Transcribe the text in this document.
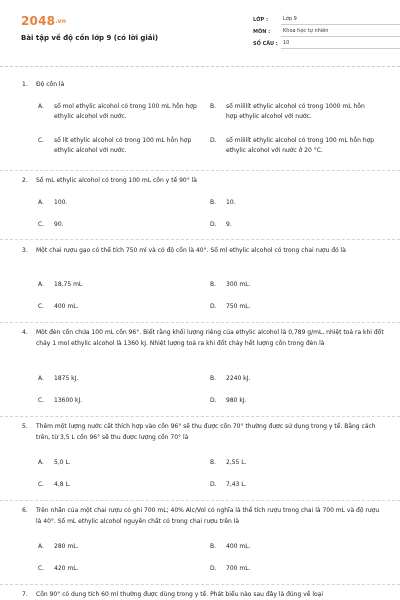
2048.vn
Bài tập về độ cồn lớp 9 (có lời giải)
LỚP :	Lớp 9
MÔN :	Khoa học tự nhiên
SỐ CÂU :	10
1.	Độ cồn là
A. số mol ethylic alcohol có trong 100 mL hỗn hợp ethylic alcohol với nước.
B. số mililít ethylic alcohol có trong 1000 mL hỗn hợp ethylic alcohol với nước.
C. số lít ethylic alcohol có trong 100 mL hỗn hợp ethylic alcohol với nước.
D. số mililít ethylic alcohol có trong 100 mL hỗn hợp ethylic alcohol với nước ở 20 °C.
2.	Số mL ethylic alcohol có trong 100 mL cồn y tế 90° là
A. 100.	B. 10.
C. 90.	D. 9.
3.	Một chai rượu gạo có thể tích 750 ml và có độ cồn là 40°. Số ml ethylic alcohol có trong chai rượu đó là
A. 18,75 mL	B. 300 mL.
C. 400 mL.	D. 750 mL.
4.	Một đèn cồn chứa 100 mL cồn 96°. Biết rằng khối lượng riêng của ethylic alcohol là 0,789 g/mL, nhiệt toả ra khi đốt cháy 1 mol ethylic alcohol là 1360 kJ. Nhiệt lượng toả ra khi đốt cháy hết lượng cồn trong đèn là
A. 1875 kJ.	B. 2240 kJ.
C. 13600 kJ.	D. 980 kJ.
5.	Thêm một lượng nước cất thích hợp vào cồn 96° sẽ thu được cồn 70° thường được sử dụng trong y tế. Bằng cách trên, từ 3,5 L cồn 96° sẽ thu được lượng cồn 70° là
A. 5,0 L.	B. 2,55 L.
C. 4,8 L.	D. 7,43 L.
6.	Trên nhãn của một chai rượu có ghi 700 mL; 40% Alc/Vol có nghĩa là thể tích rượu trong chai là 700 mL và độ rượu là 40°. Số mL ethylic alcohol nguyên chất có trong chai rượu trên là
A. 280 mL.	B. 400 mL.
C. 420 mL.	D. 700 mL.
7.	Cồn 90° có dung tích 60 ml thường được dùng trong y tế. Phát biểu nào sau đây là đúng về loại
